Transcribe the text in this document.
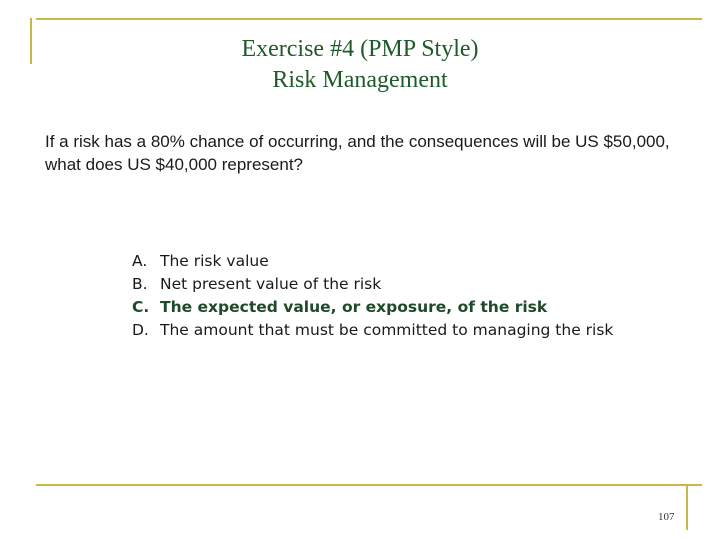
Exercise #4 (PMP Style)
Risk Management
If a risk has a 80% chance of occurring, and the consequences will be US $50,000, what does US $40,000 represent?
A. The risk value
B. Net present value of the risk
C. The expected value, or exposure, of the risk
D. The amount that must be committed to managing the risk
107
